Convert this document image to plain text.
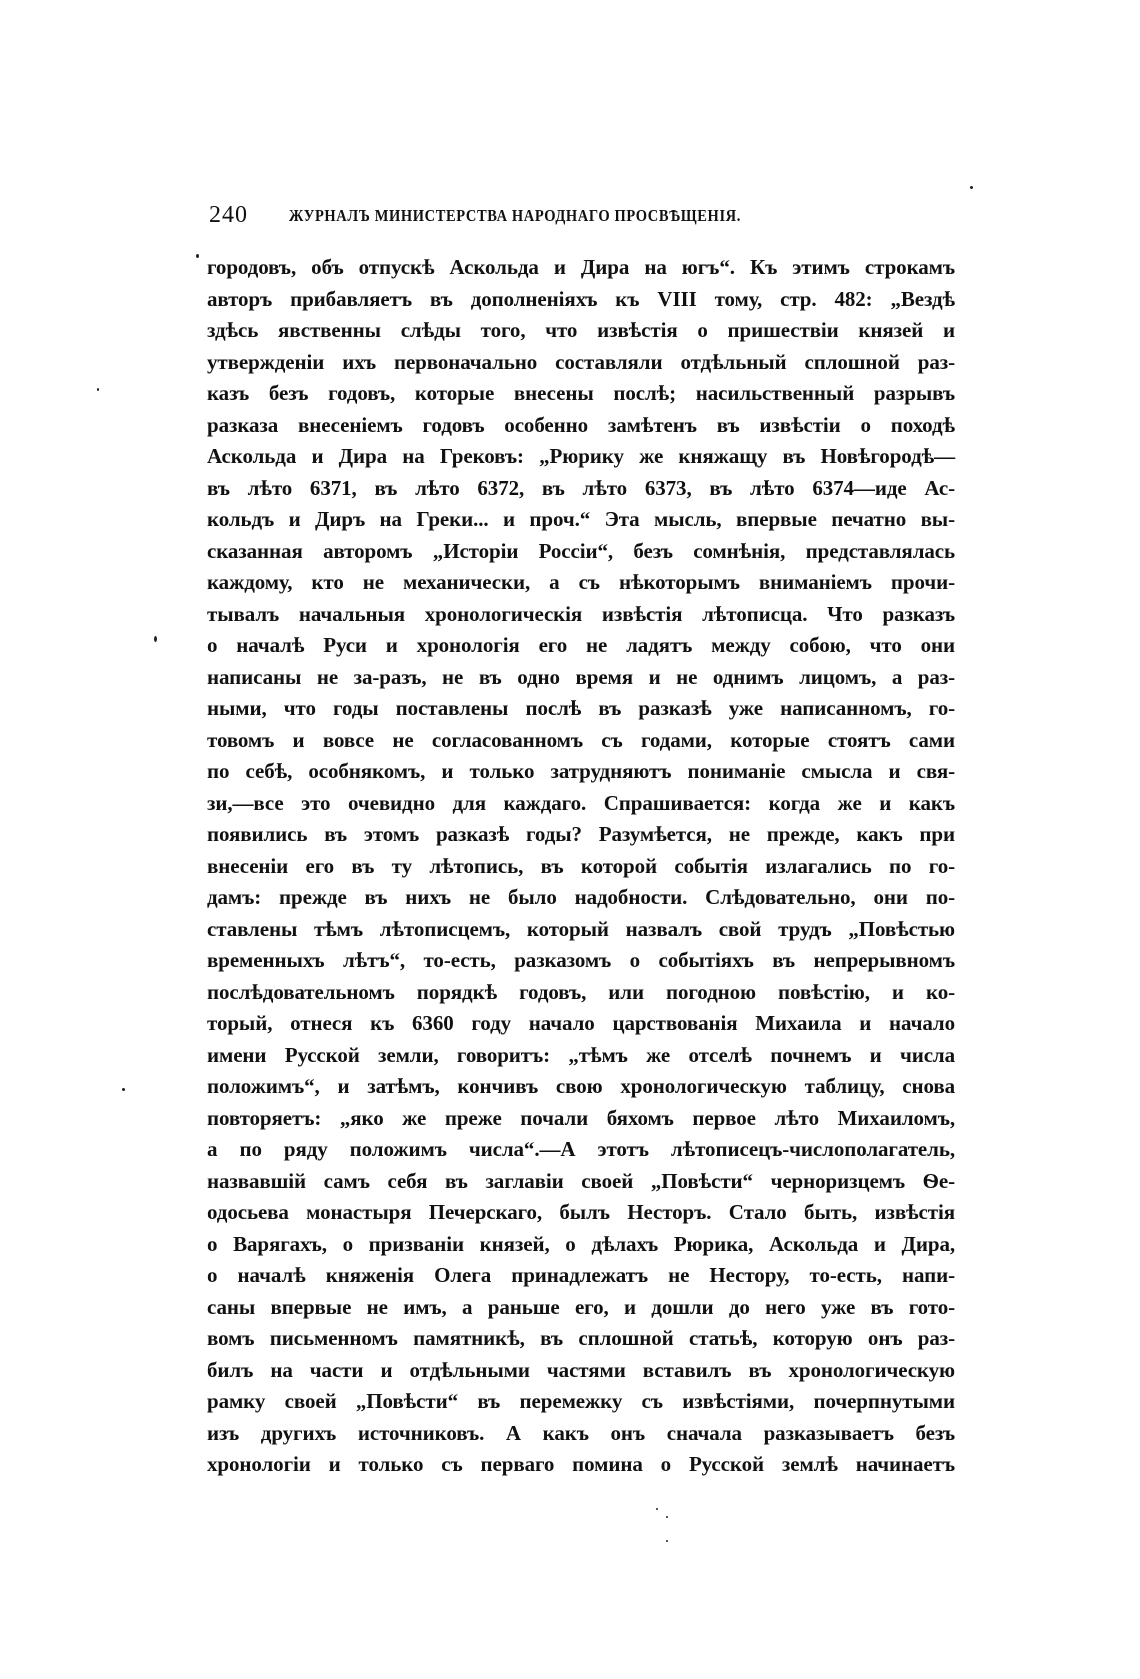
240	ЖУРНАЛЪ МИНИСТЕРСТВА НАРОДНАГО ПРОСВѢЩЕНІЯ.
городовъ, объ отпускѣ Аскольда и Дира на югъ“. Къ этимъ строкамъ
авторъ прибавляетъ въ дополненіяхъ къ VIII тому, стр. 482: „Вездѣ
здѣсь явственны слѣды того, что извѣстія о пришествіи князей и
утвержденіи ихъ первоначально составляли отдѣльный сплошной раз-
казъ безъ годовъ, которые внесены послѣ; насильственный разрывъ
разказа внесеніемъ годовъ особенно замѣтенъ въ извѣстіи о походѣ
Аскольда и Дира на Грековъ: „Рюрику же княжащу въ Новѣгородѣ—
въ лѣто 6371, въ лѣто 6372, въ лѣто 6373, въ лѣто 6374—иде Ас-
кольдъ и Диръ на Греки... и проч.“ Эта мысль, впервые печатно вы-
сказанная авторомъ „Исторіи Россіи“, безъ сомнѣнія, представлялась
каждому, кто не механически, а съ нѣкоторымъ вниманіемъ прочи-
тывалъ начальныя хронологическія извѣстія лѣтописца. Что разказъ
о началѣ Руси и хронологія его не ладятъ между собою, что они
написаны не за-разъ, не въ одно время и не однимъ лицомъ, а раз-
ными, что годы поставлены послѣ въ разказѣ уже написанномъ, го-
товомъ и вовсе не согласованномъ съ годами, которые стоятъ сами
по себѣ, особнякомъ, и только затрудняютъ пониманіе смысла и свя-
зи,—все это очевидно для каждаго. Спрашивается: когда же и какъ
появились въ этомъ разказѣ годы? Разумѣется, не прежде, какъ при
внесеніи его въ ту лѣтопись, въ которой событія излагались по го-
дамъ: прежде въ нихъ не было надобности. Слѣдовательно, они по-
ставлены тѣмъ лѣтописцемъ, который назвалъ свой трудъ „Повѣстью
временныхъ лѣтъ“, то-есть, разказомъ о событіяхъ въ непрерывномъ
послѣдовательномъ порядкѣ годовъ, или погодною повѣстію, и ко-
торый, отнеся къ 6360 году начало царствованія Михаила и начало
имени Русской земли, говоритъ: „тѣмъ же отселѣ почнемъ и числа
положимъ“, и затѣмъ, кончивъ свою хронологическую таблицу, снова
повторяетъ: „яко же преже почали бяхомъ первое лѣто Михаиломъ,
а по ряду положимъ числа“.—А этотъ лѣтописецъ-числополагатель,
назвавшій самъ себя въ заглавіи своей „Повѣсти“ черноризцемъ Ѳе-
одосьева монастыря Печерскаго, былъ Несторъ. Стало быть, извѣстія
о Варягахъ, о призваніи князей, о дѣлахъ Рюрика, Аскольда и Дира,
о началѣ княженія Олега принадлежатъ не Нестору, то-есть, напи-
саны впервые не имъ, а раньше его, и дошли до него уже въ гото-
вомъ письменномъ памятникѣ, въ сплошной статьѣ, которую онъ раз-
билъ на части и отдѣльными частями вставилъ въ хронологическую
рамку своей „Повѣсти“ въ перемежку съ извѣстіями, почерпнутыми
изъ другихъ источниковъ. А какъ онъ сначала разказываетъ безъ
хронологіи и только съ перваго помина о Русской землѣ начинаетъ
